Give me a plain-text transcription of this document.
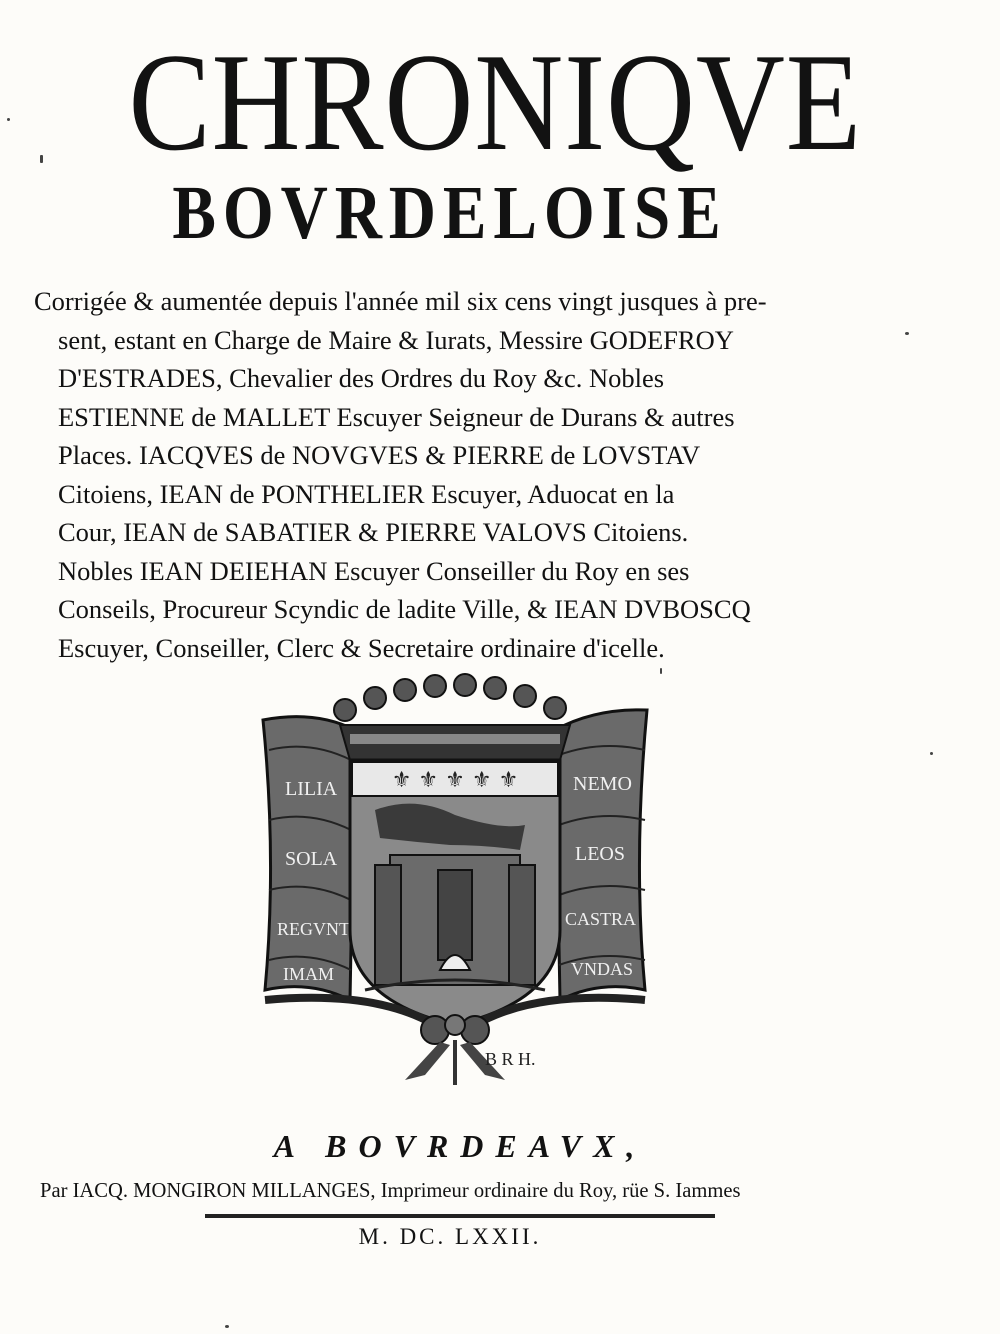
CHRONIQVE
BOVRDELOISE
Corrigée & aumentée depuis l'année mil six cens vingt jusques à pre-
sent, estant en Charge de Maire & Iurats, Messire GODEFROY
D'ESTRADES, Chevalier des Ordres du Roy &c. Nobles
ESTIENNE de MALLET Escuyer Seigneur de Durans & autres
Places. IACQVES de NOVGVES & PIERRE de LOVSTAV
Citoiens, IEAN de PONTHELIER Escuyer, Aduocat en la
Cour, IEAN de SABATIER & PIERRE VALOVS Citoiens.
Nobles IEAN DEIEHAN Escuyer Conseiller du Roy en ses
Conseils, Procureur Scyndic de ladite Ville, & IEAN DVBOSCQ
Escuyer, Conseiller, Clerc & Secretaire ordinaire d'icelle.
LILIA
SOLA
REGVNT
IMAM
NEMO
LEOS
CASTRA
VNDAS
⚜ ⚜ ⚜ ⚜ ⚜
B R H.
A BOVRDEAVX,
Par IACQ. MONGIRON MILLANGES, Imprimeur ordinaire du Roy, rüe S. Iammes
M. DC. LXXII.
